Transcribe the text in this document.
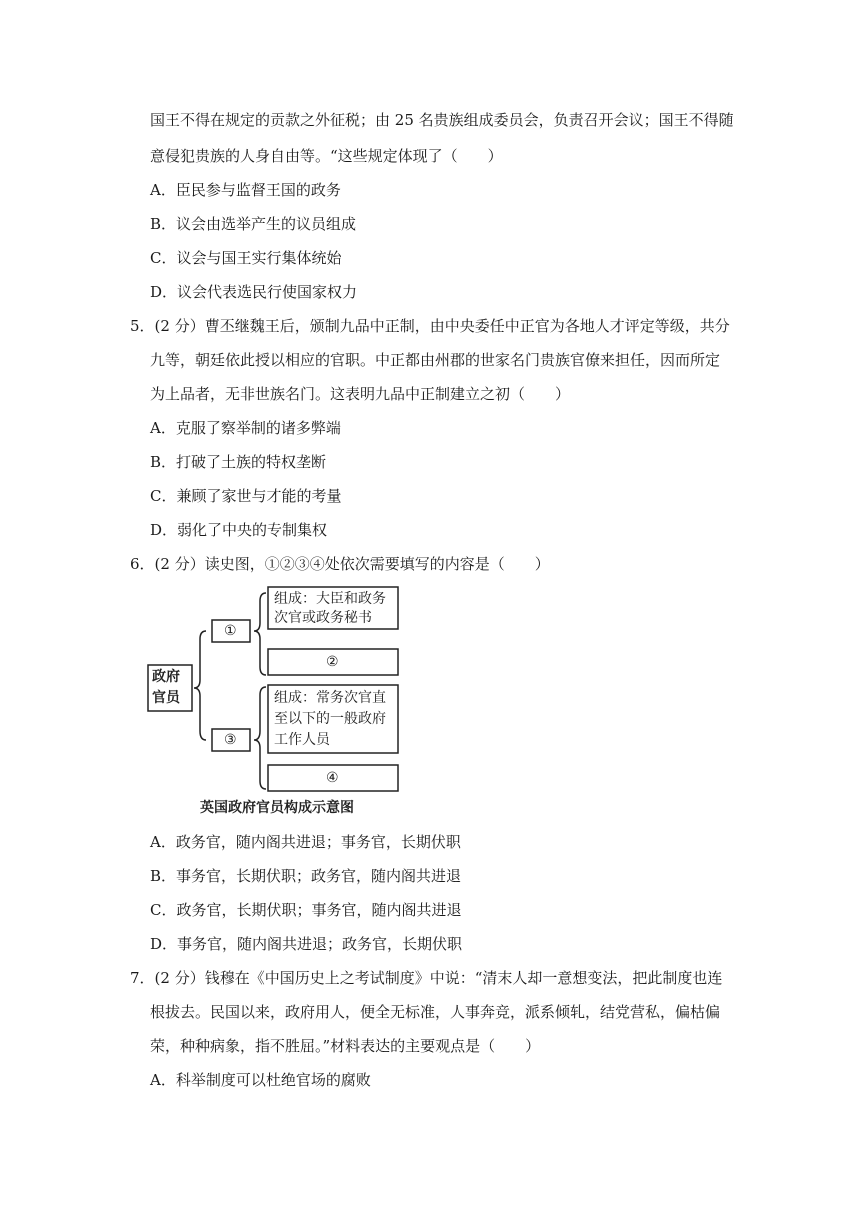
国王不得在规定的贡款之外征税；由 25 名贵族组成委员会，负责召开会议；国王不得随
意侵犯贵族的人身自由等。“这些规定体现了（　　）
A．臣民参与监督王国的政务
B．议会由选举产生的议员组成
C．议会与国王实行集体统始
D．议会代表选民行使国家权力
5．(2 分）曹丕继魏王后，颁制九品中正制，由中央委任中正官为各地人才评定等级，共分
九等，朝廷依此授以相应的官职。中正都由州郡的世家名门贵族官僚来担任，因而所定
为上品者，无非世族名门。这表明九品中正制建立之初（　　）
A．克服了察举制的诸多弊端
B．打破了土族的特权垄断
C．兼顾了家世与才能的考量
D．弱化了中央的专制集权
6．(2 分）读史图，①②③④处依次需要填写的内容是（　　）
政府
官员
①
③
组成：大臣和政务
次官或政务秘书
②
组成：常务次官直
至以下的一般政府
工作人员
④
英国政府官员构成示意图
A．政务官，随内阁共进退；事务官，长期伏职
B．事务官，长期伏职；政务官，随内阁共进退
C．政务官，长期伏职；事务官，随内阁共进退
D．事务官，随内阁共进退；政务官，长期伏职
7．(2 分）钱穆在《中国历史上之考试制度》中说：“清末人却一意想变法，把此制度也连
根拔去。民国以来，政府用人，便全无标准，人事奔竞，派系倾轧，结党营私，偏枯偏
荣，种种病象，指不胜屈。”材料表达的主要观点是（　　）
A．科举制度可以杜绝官场的腐败
